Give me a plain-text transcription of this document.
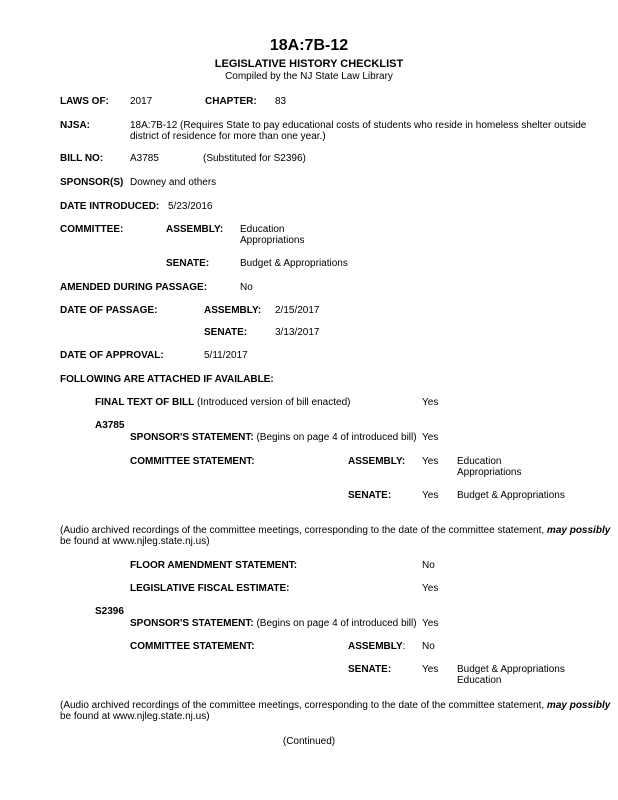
18A:7B-12
LEGISLATIVE HISTORY CHECKLIST
Compiled by the NJ State Law Library
LAWS OF: 2017	CHAPTER: 83
NJSA:	18A:7B-12 (Requires State to pay educational costs of students who reside in homeless shelter outside
district of residence for more than one year.)
BILL NO:	A3785	(Substituted for S2396)
SPONSOR(S) Downey and others
DATE INTRODUCED: 5/23/2016
COMMITTEE:	ASSEMBLY: Education
Appropriations
SENATE:	Budget & Appropriations
AMENDED DURING PASSAGE:	No
DATE OF PASSAGE:	ASSEMBLY: 2/15/2017
SENATE:	3/13/2017
DATE OF APPROVAL:	5/11/2017
FOLLOWING ARE ATTACHED IF AVAILABLE:
FINAL TEXT OF BILL (Introduced version of bill enacted)	Yes
A3785
SPONSOR'S STATEMENT: (Begins on page 4 of introduced bill) Yes
COMMITTEE STATEMENT:	ASSEMBLY: Yes Education
Appropriations
SENATE:	Yes Budget & Appropriations
(Audio archived recordings of the committee meetings, corresponding to the date of the committee statement, may possibly
be found at www.njleg.state.nj.us)
FLOOR AMENDMENT STATEMENT:	No
LEGISLATIVE FISCAL ESTIMATE:	Yes
S2396
SPONSOR'S STATEMENT: (Begins on page 4 of introduced bill) Yes
COMMITTEE STATEMENT:	ASSEMBLY: No
SENATE:	Yes Budget & Appropriations
Education
(Audio archived recordings of the committee meetings, corresponding to the date of the committee statement, may possibly
be found at www.njleg.state.nj.us)
(Continued)
